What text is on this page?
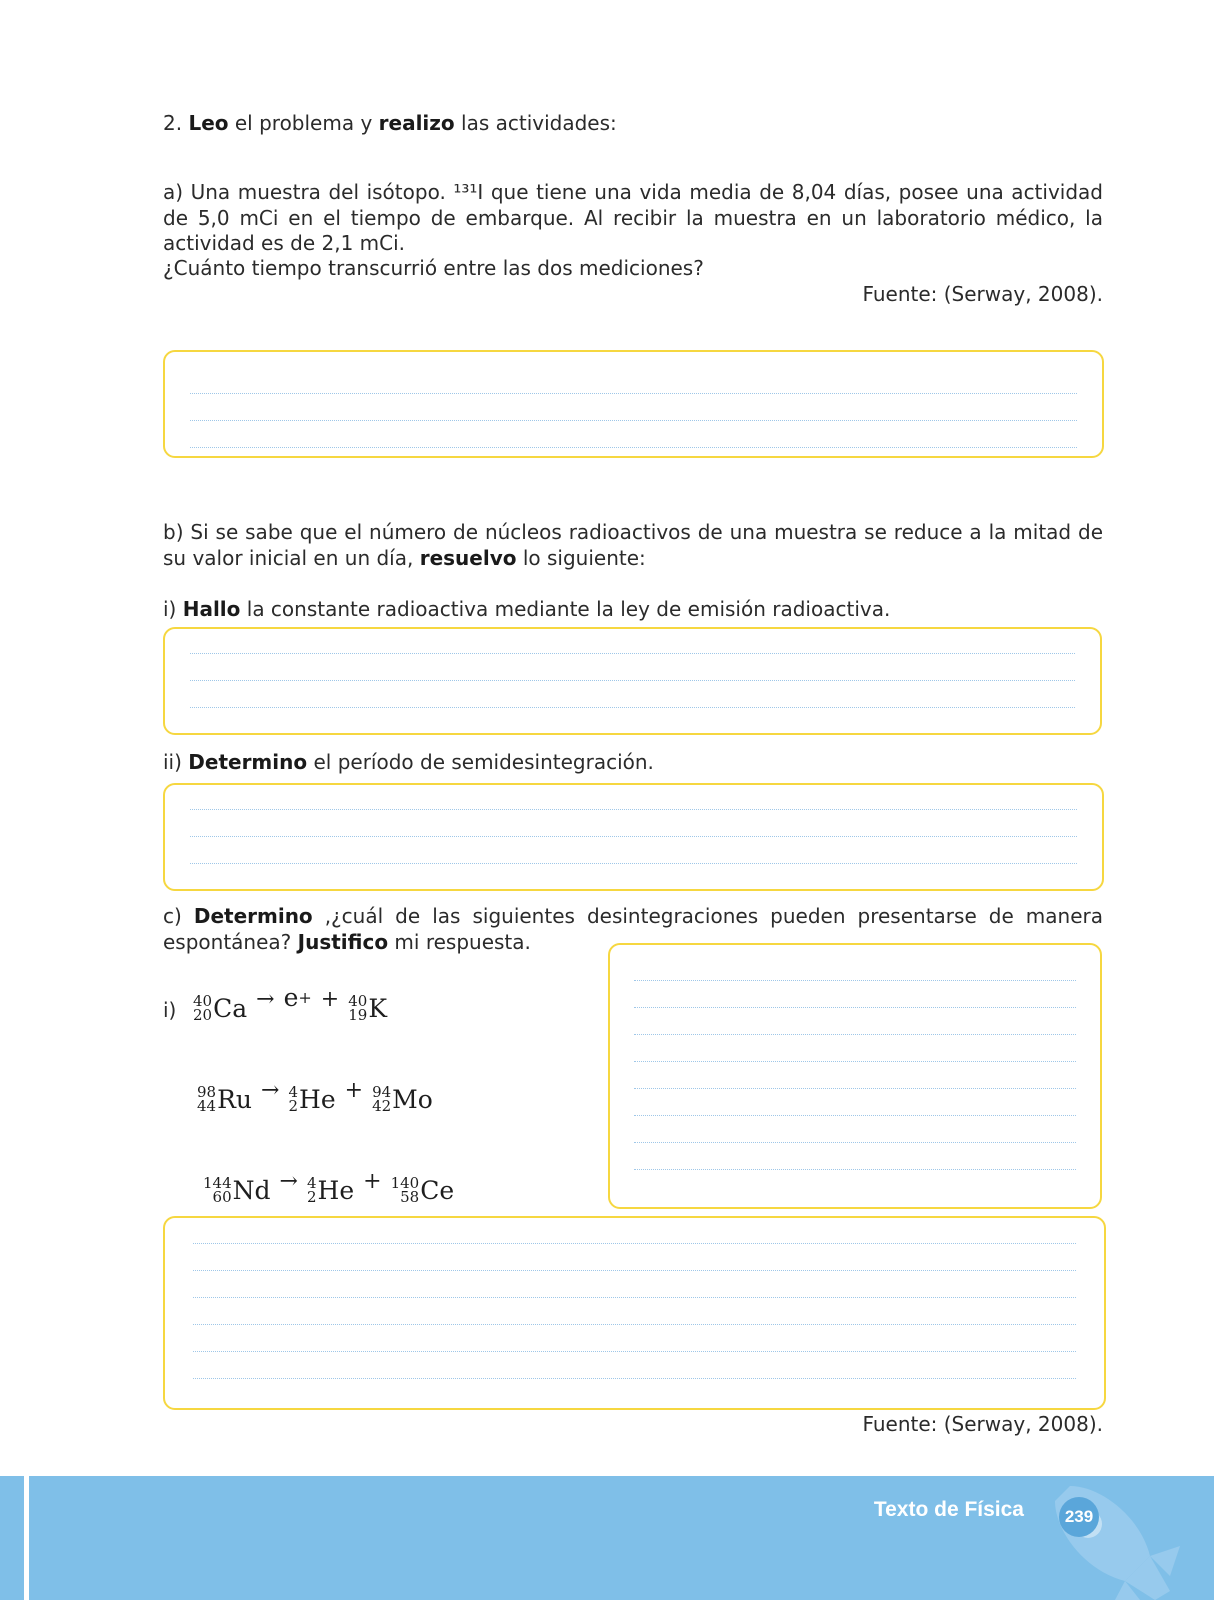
2. Leo el problema y realizo las actividades:
a) Una muestra del isótopo. ¹³¹I que tiene una vida media de 8,04 días, posee una actividad de 5,0 mCi en el tiempo de embarque. Al recibir la muestra en un laboratorio médico, la actividad es de 2,1 mCi.
¿Cuánto tiempo transcurrió entre las dos mediciones?
Fuente: (Serway, 2008).
b) Si se sabe que el número de núcleos radioactivos de una muestra se reduce a la mitad de su valor inicial en un día, resuelvo lo siguiente:
i) Hallo la constante radioactiva mediante la ley de emisión radioactiva.
ii) Determino el período de semidesintegración.
c) Determino ,¿cuál de las siguientes desintegraciones pueden presentarse de manera espontánea? Justifico mi respuesta.
i) 40
20 Ca → e + + 40
19 K
98
44 Ru → 4
2 He + 94
42 Mo
144
60 Nd → 4
2 He + 140
58 Ce
Fuente: (Serway, 2008).
Texto de Física	239
